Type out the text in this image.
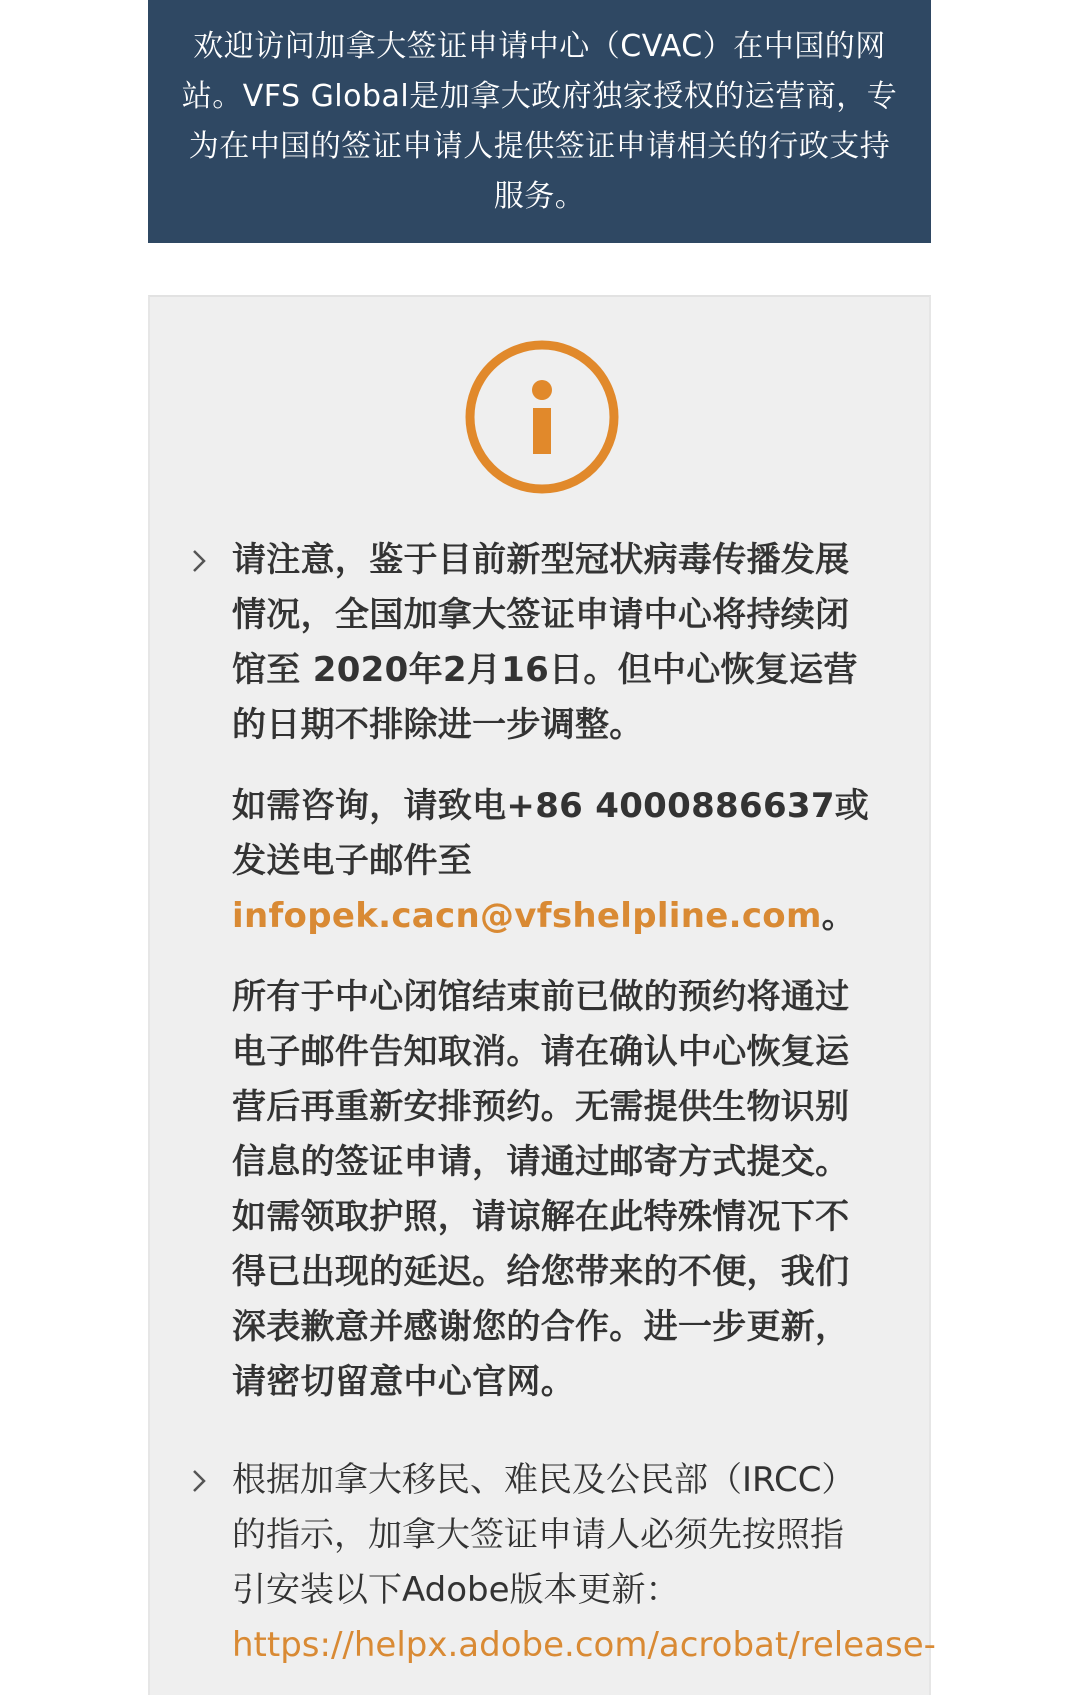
欢迎访问加拿大签证申请中心（CVAC）在中国的网站。VFS Global是加拿大政府独家授权的运营商，专为在中国的签证申请人提供签证申请相关的行政支持服务。

请注意，鉴于目前新型冠状病毒传播发展情况，全国加拿大签证申请中心将持续闭馆至 2020年2月16日。但中心恢复运营的日期不排除进一步调整。

如需咨询，请致电+86 4000886637或发送电子邮件至infopek.cacn@vfshelpline.com。

所有于中心闭馆结束前已做的预约将通过电子邮件告知取消。请在确认中心恢复运营后再重新安排预约。无需提供生物识别信息的签证申请，请通过邮寄方式提交。如需领取护照，请谅解在此特殊情况下不得已出现的延迟。给您带来的不便，我们深表歉意并感谢您的合作。进一步更新，请密切留意中心官网。

根据加拿大移民、难民及公民部（IRCC）的指示，加拿大签证申请人必须先按照指引安装以下Adobe版本更新：https://helpx.adobe.com/acrobat/release-
